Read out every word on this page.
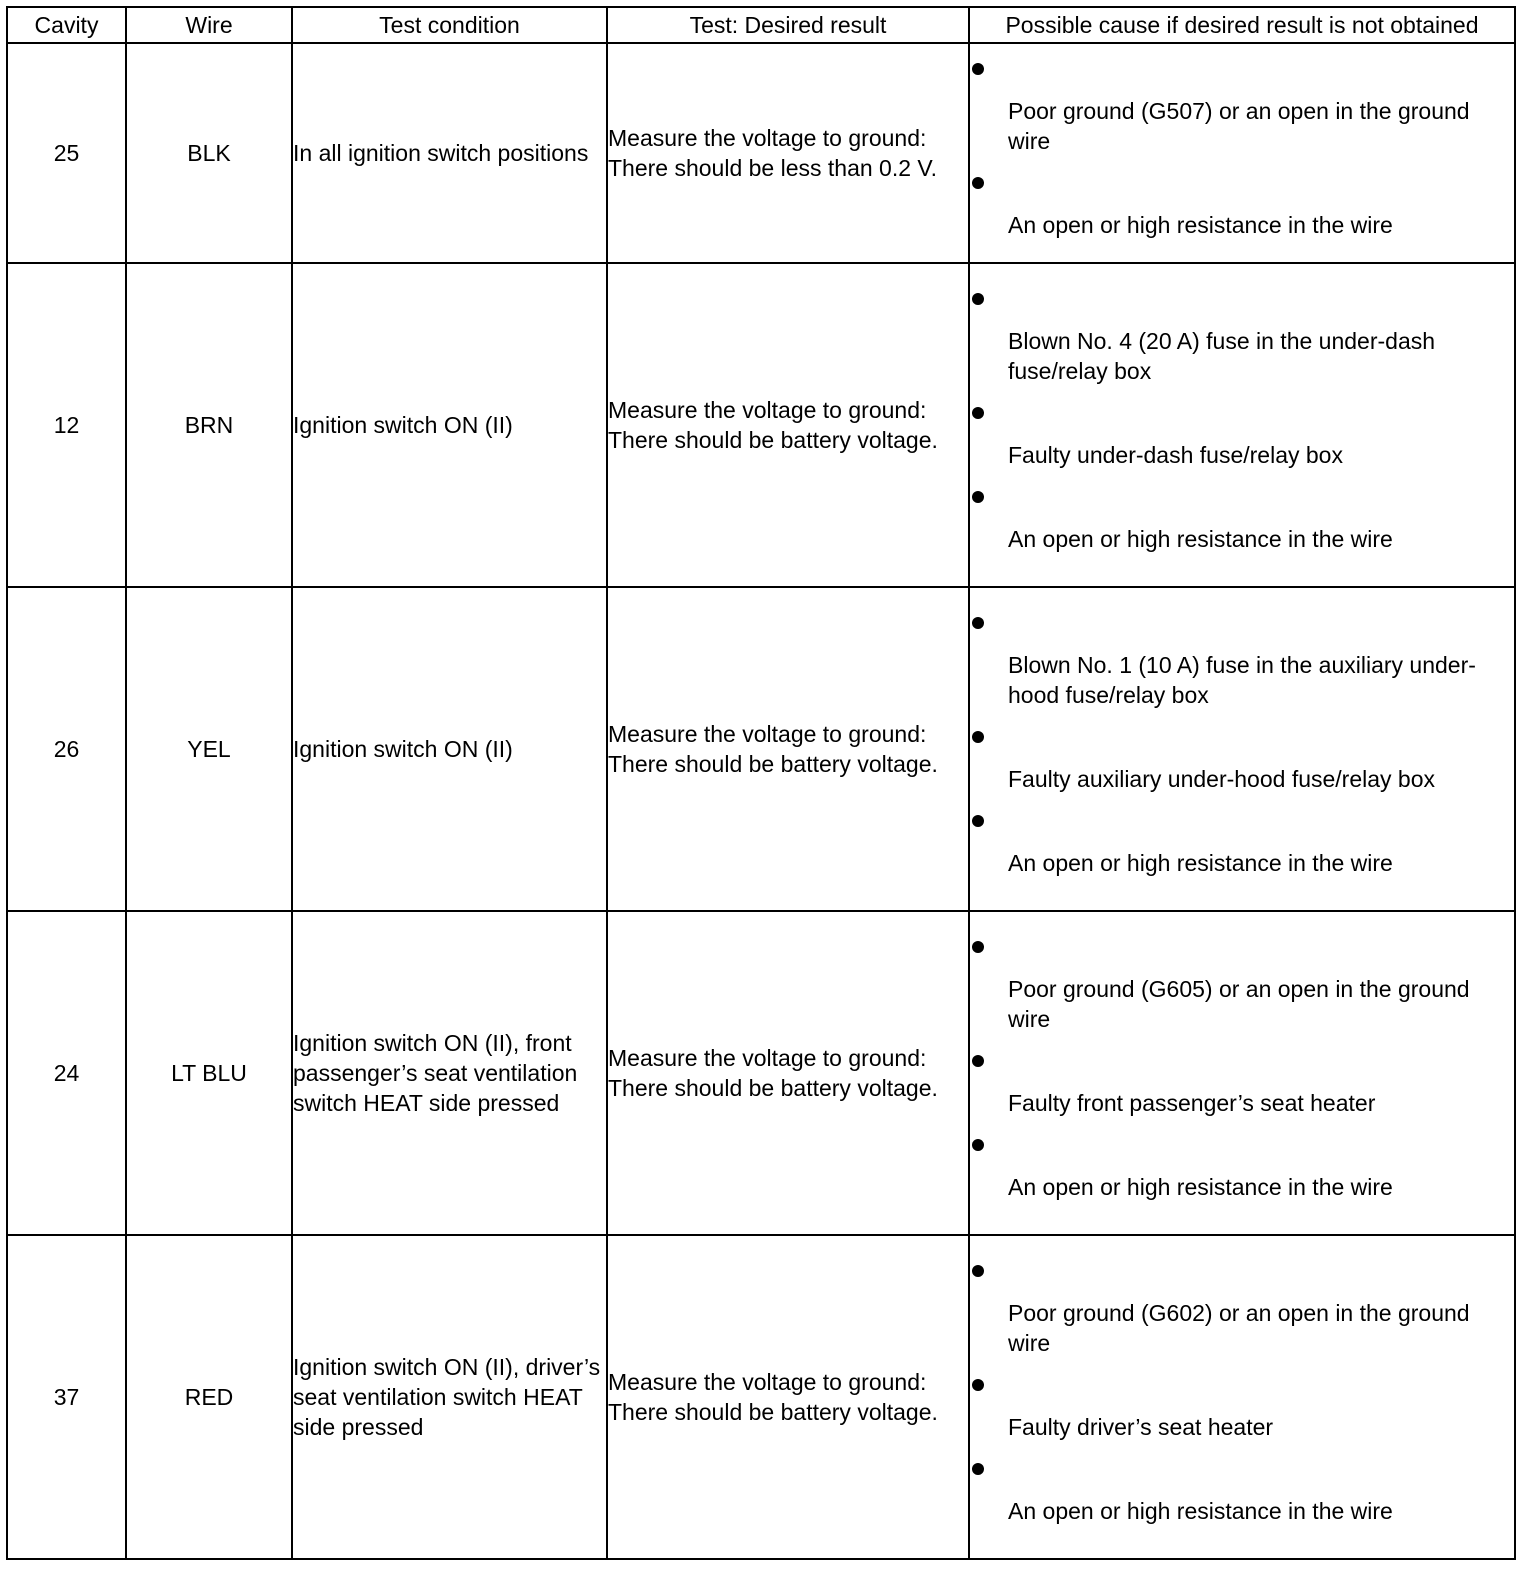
Cavity	Wire	Test condition	Test: Desired result	Possible cause if desired result is not obtained
25	BLK	In all ignition switch positions	Measure the voltage to ground: There should be less than 0.2 V.	Poor ground (G507) or an open in the ground wire
An open or high resistance in the wire

12	BRN	Ignition switch ON (II)	Measure the voltage to ground: There should be battery voltage.	Blown No. 4 (20 A) fuse in the under-dash fuse/relay box
Faulty under-dash fuse/relay box
An open or high resistance in the wire

26	YEL	Ignition switch ON (II)	Measure the voltage to ground: There should be battery voltage.	Blown No. 1 (10 A) fuse in the auxiliary under-hood fuse/relay box
Faulty auxiliary under-hood fuse/relay box
An open or high resistance in the wire

24	LT BLU	Ignition switch ON (II), front passenger’s seat ventilation switch HEAT side pressed	Measure the voltage to ground: There should be battery voltage.	Poor ground (G605) or an open in the ground wire
Faulty front passenger’s seat heater
An open or high resistance in the wire

37	RED	Ignition switch ON (II), driver’s seat ventilation switch HEAT side pressed	Measure the voltage to ground: There should be battery voltage.	Poor ground (G602) or an open in the ground wire
Faulty driver’s seat heater
An open or high resistance in the wire
